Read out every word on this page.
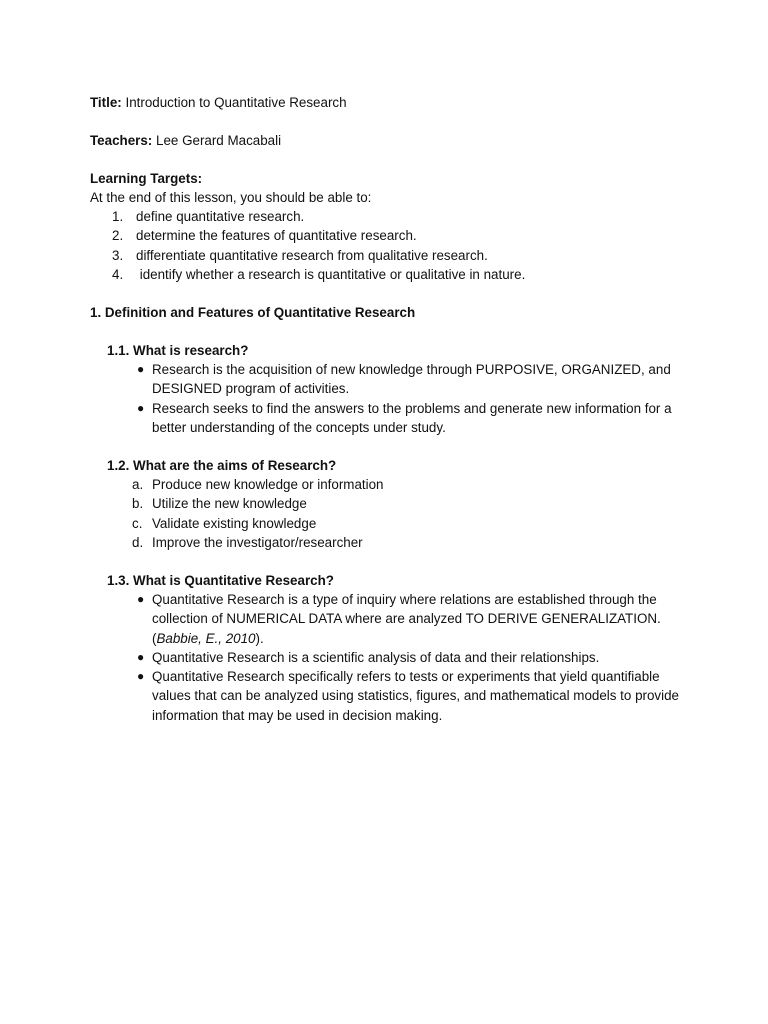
Title: Introduction to Quantitative Research

Teachers: Lee Gerard Macabali

Learning Targets:

At the end of this lesson, you should be able to:

1. define quantitative research.
2. determine the features of quantitative research.
3. differentiate quantitative research from qualitative research.
4. identify whether a research is quantitative or qualitative in nature.

1. Definition and Features of Quantitative Research

1.1. What is research?

● Research is the acquisition of new knowledge through PURPOSIVE, ORGANIZED, and DESIGNED program of activities.
● Research seeks to find the answers to the problems and generate new information for a better understanding of the concepts under study.

1.2. What are the aims of Research?

a. Produce new knowledge or information
b. Utilize the new knowledge
c. Validate existing knowledge
d. Improve the investigator/researcher

1.3. What is Quantitative Research?

● Quantitative Research is a type of inquiry where relations are established through the collection of NUMERICAL DATA where are analyzed TO DERIVE GENERALIZATION.
(Babbie, E., 2010).
● Quantitative Research is a scientific analysis of data and their relationships.
● Quantitative Research specifically refers to tests or experiments that yield quantifiable values that can be analyzed using statistics, figures, and mathematical models to provide information that may be used in decision making.
